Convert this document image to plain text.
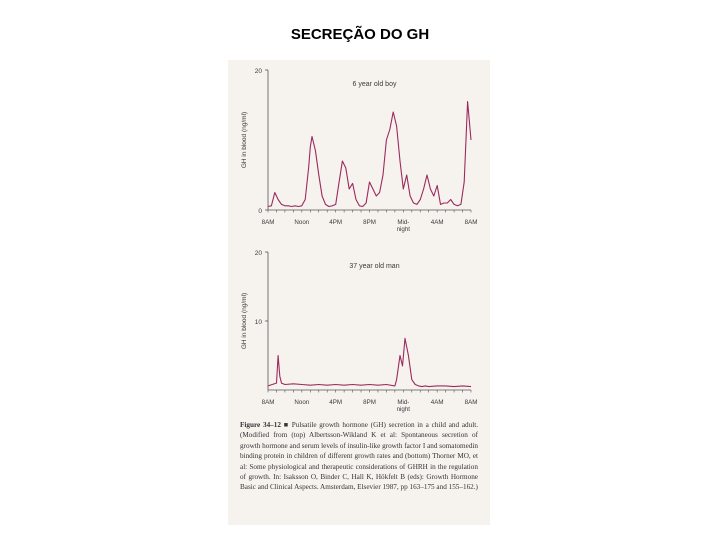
SECREÇÃO DO GH
20
0
8AM	Noon	4PM	8PM	Mid-night
4AM	8AM
GH in blood (ng/ml)
6 year old boy
20
10
8AM	Noon	4PM	8PM	Mid-night
4AM	8AM
GH in blood (ng/ml)
37 year old man
Figure 34–12 ■ Pulsatile growth hormone (GH) secretion in a child and adult. (Modified from (top) Albertsson-Wikland K et al: Spontaneous secretion of growth hormone and serum levels of insulin-like growth factor I and somatomedin binding protein in children of different growth rates and (bottom) Thorner MO, et al: Some physiological and therapeutic considerations of GHRH in the regulation of growth. In: Isaksson O, Binder C, Hall K, Hökfelt B (eds): Growth Hormone Basic and Clinical Aspects. Amsterdam, Elsevier 1987, pp 163–175 and 155–162.)
